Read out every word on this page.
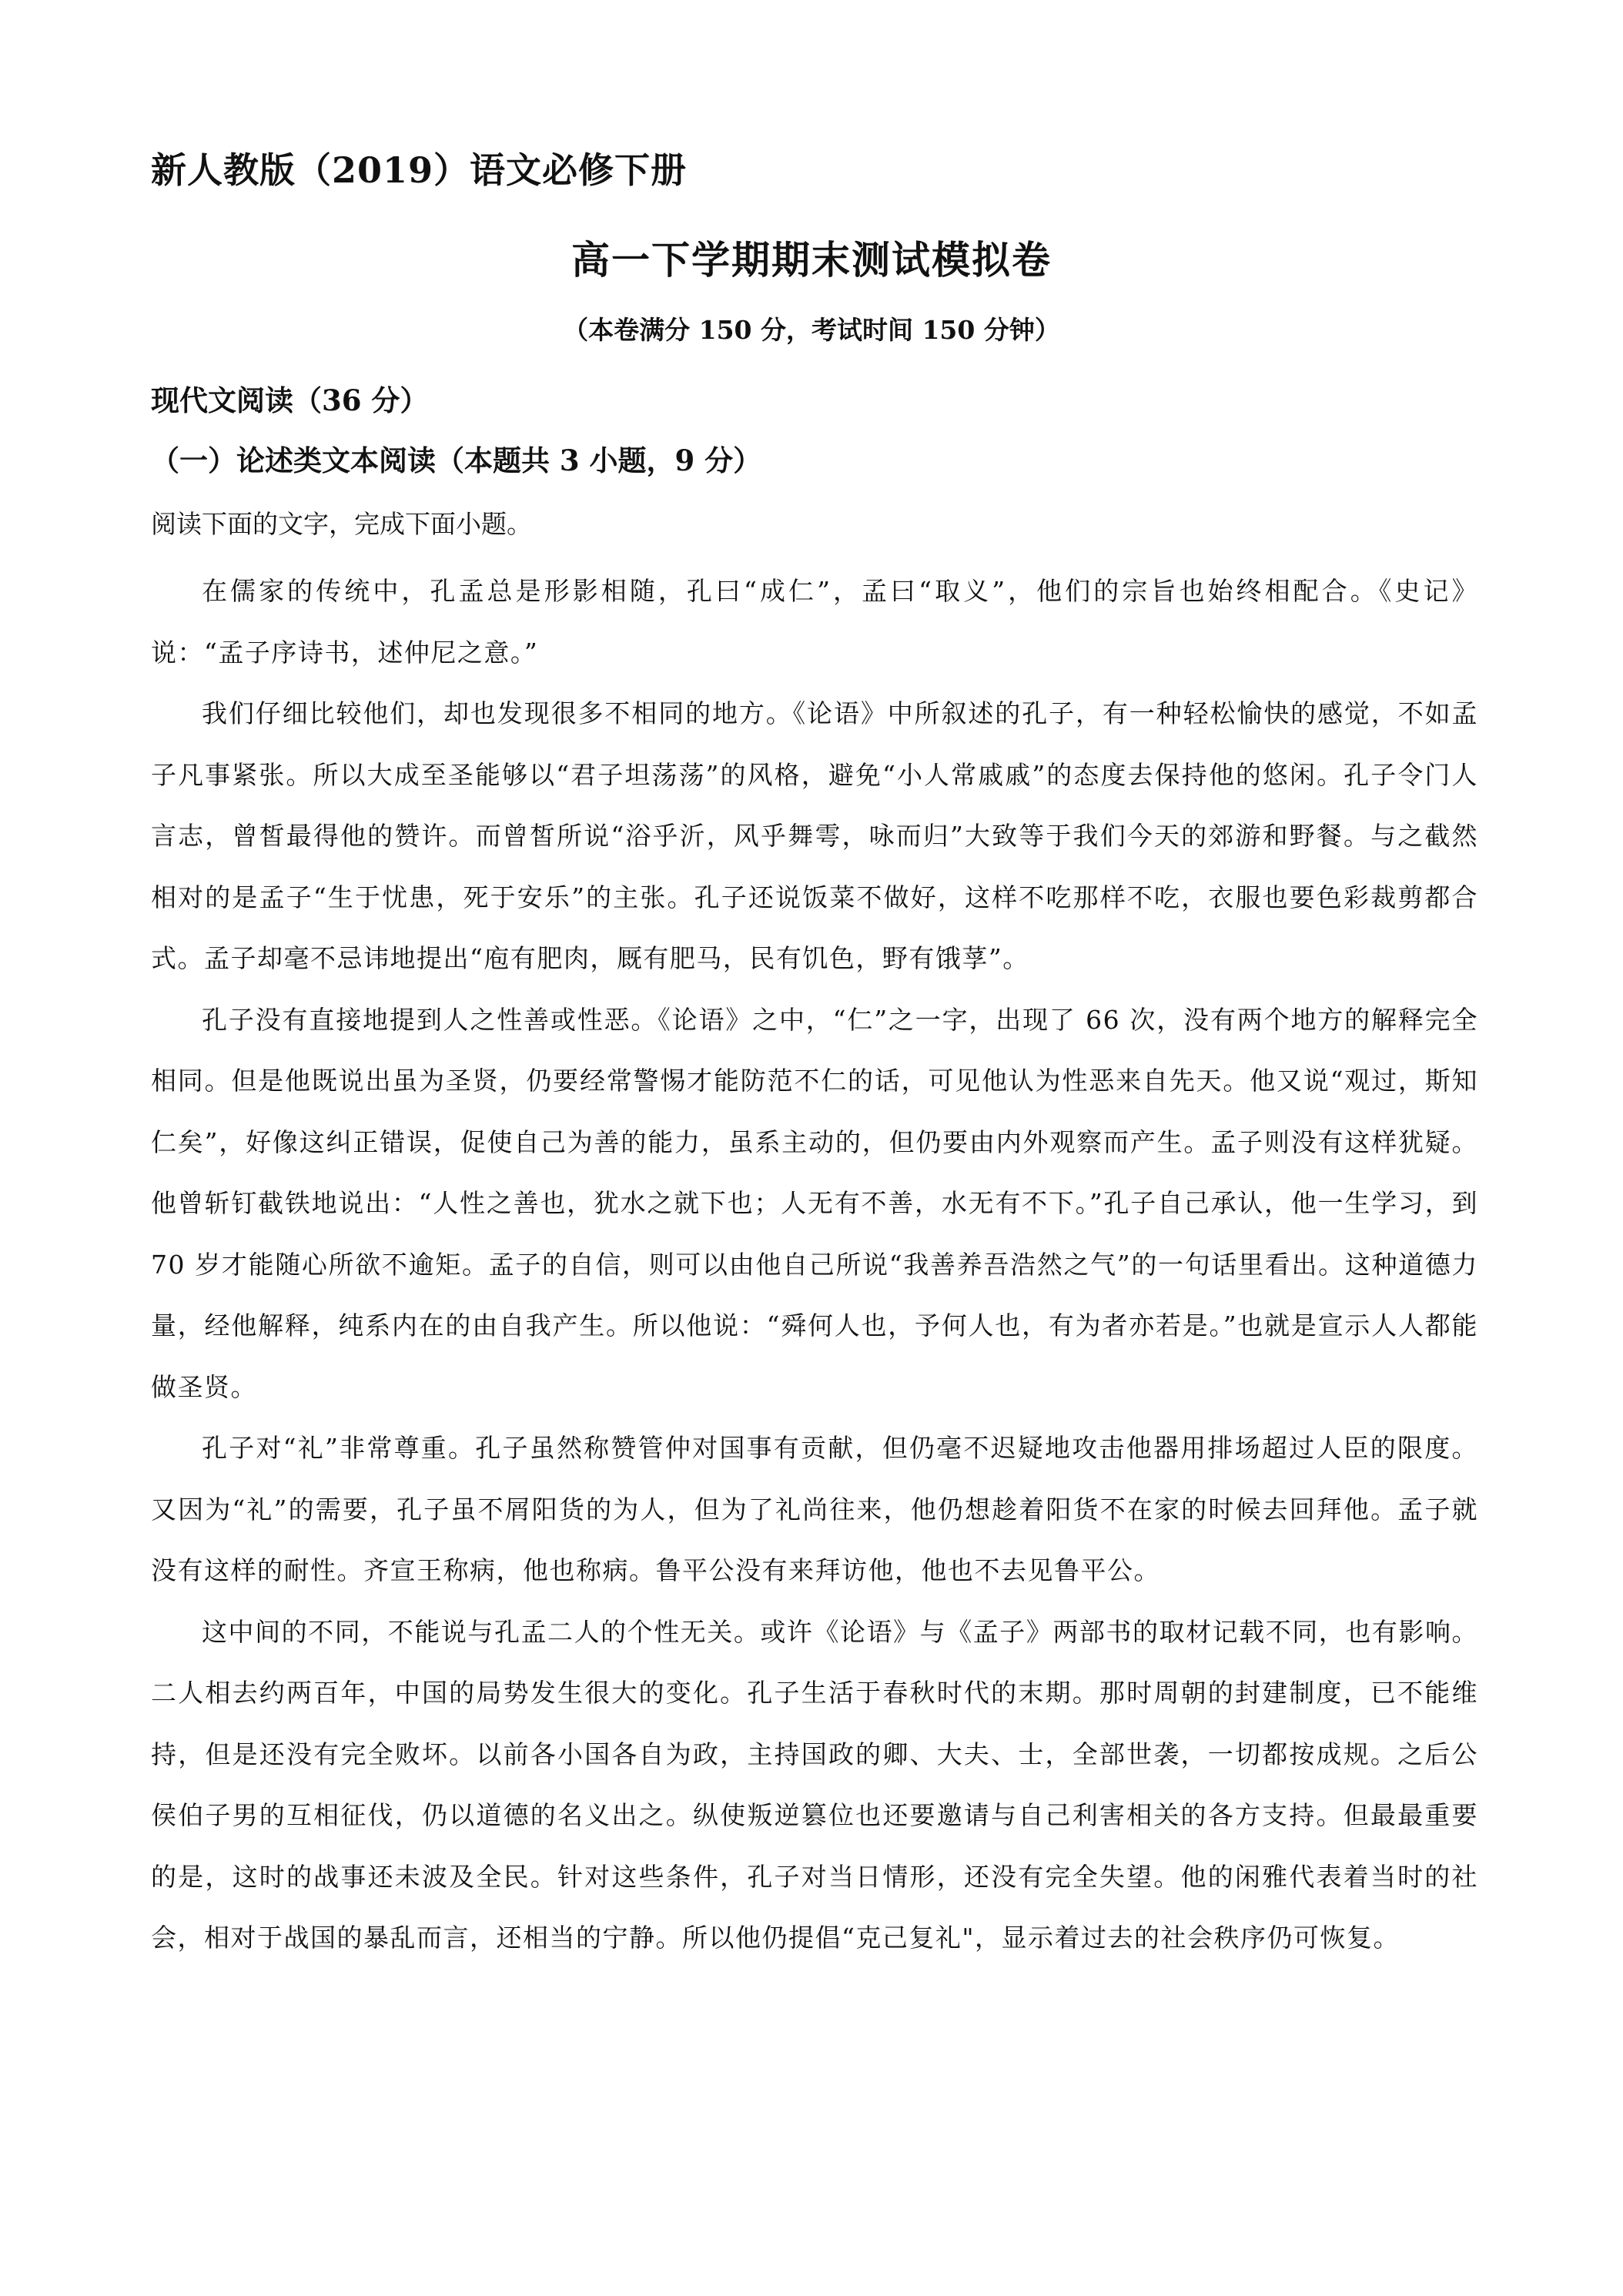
新人教版（2019）语文必修下册
高一下学期期末测试模拟卷
（本卷满分 150 分，考试时间 150 分钟）
现代文阅读（36 分）
（一）论述类文本阅读（本题共 3 小题，9 分）
阅读下面的文字，完成下面小题。

在儒家的传统中，孔孟总是形影相随，孔曰“成仁”，孟曰“取义”，他们的宗旨也始终相配合。《史记》说：“孟子序诗书，述仲尼之意。”

我们仔细比较他们，却也发现很多不相同的地方。《论语》中所叙述的孔子，有一种轻松愉快的感觉，不如孟子凡事紧张。所以大成至圣能够以“君子坦荡荡”的风格，避免“小人常戚戚”的态度去保持他的悠闲。孔子令门人言志，曾皙最得他的赞许。而曾皙所说“浴乎沂，风乎舞雩，咏而归”大致等于我们今天的郊游和野餐。与之截然相对的是孟子“生于忧患，死于安乐”的主张。孔子还说饭菜不做好，这样不吃那样不吃，衣服也要色彩裁剪都合式。孟子却毫不忌讳地提出“庖有肥肉，厩有肥马，民有饥色，野有饿莩”。

孔子没有直接地提到人之性善或性恶。《论语》之中，“仁”之一字，出现了 66 次，没有两个地方的解释完全相同。但是他既说出虽为圣贤，仍要经常警惕才能防范不仁的话，可见他认为性恶来自先天。他又说“观过，斯知仁矣”，好像这纠正错误，促使自己为善的能力，虽系主动的，但仍要由内外观察而产生。孟子则没有这样犹疑。他曾斩钉截铁地说出：“人性之善也，犹水之就下也；人无有不善，水无有不下。”孔子自己承认，他一生学习，到 70 岁才能随心所欲不逾矩。孟子的自信，则可以由他自己所说“我善养吾浩然之气”的一句话里看出。这种道德力量，经他解释，纯系内在的由自我产生。所以他说：“舜何人也，予何人也，有为者亦若是。”也就是宣示人人都能做圣贤。

孔子对“礼”非常尊重。孔子虽然称赞管仲对国事有贡献，但仍毫不迟疑地攻击他器用排场超过人臣的限度。又因为“礼”的需要，孔子虽不屑阳货的为人，但为了礼尚往来，他仍想趁着阳货不在家的时候去回拜他。孟子就没有这样的耐性。齐宣王称病，他也称病。鲁平公没有来拜访他，他也不去见鲁平公。

这中间的不同，不能说与孔孟二人的个性无关。或许《论语》与《孟子》两部书的取材记载不同，也有影响。二人相去约两百年，中国的局势发生很大的变化。孔子生活于春秋时代的末期。那时周朝的封建制度，已不能维持，但是还没有完全败坏。以前各小国各自为政，主持国政的卿、大夫、士，全部世袭，一切都按成规。之后公侯伯子男的互相征伐，仍以道德的名义出之。纵使叛逆篡位也还要邀请与自己利害相关的各方支持。但最最重要的是，这时的战事还未波及全民。针对这些条件，孔子对当日情形，还没有完全失望。他的闲雅代表着当时的社会，相对于战国的暴乱而言，还相当的宁静。所以他仍提倡“克己复礼"，显示着过去的社会秩序仍可恢复。
